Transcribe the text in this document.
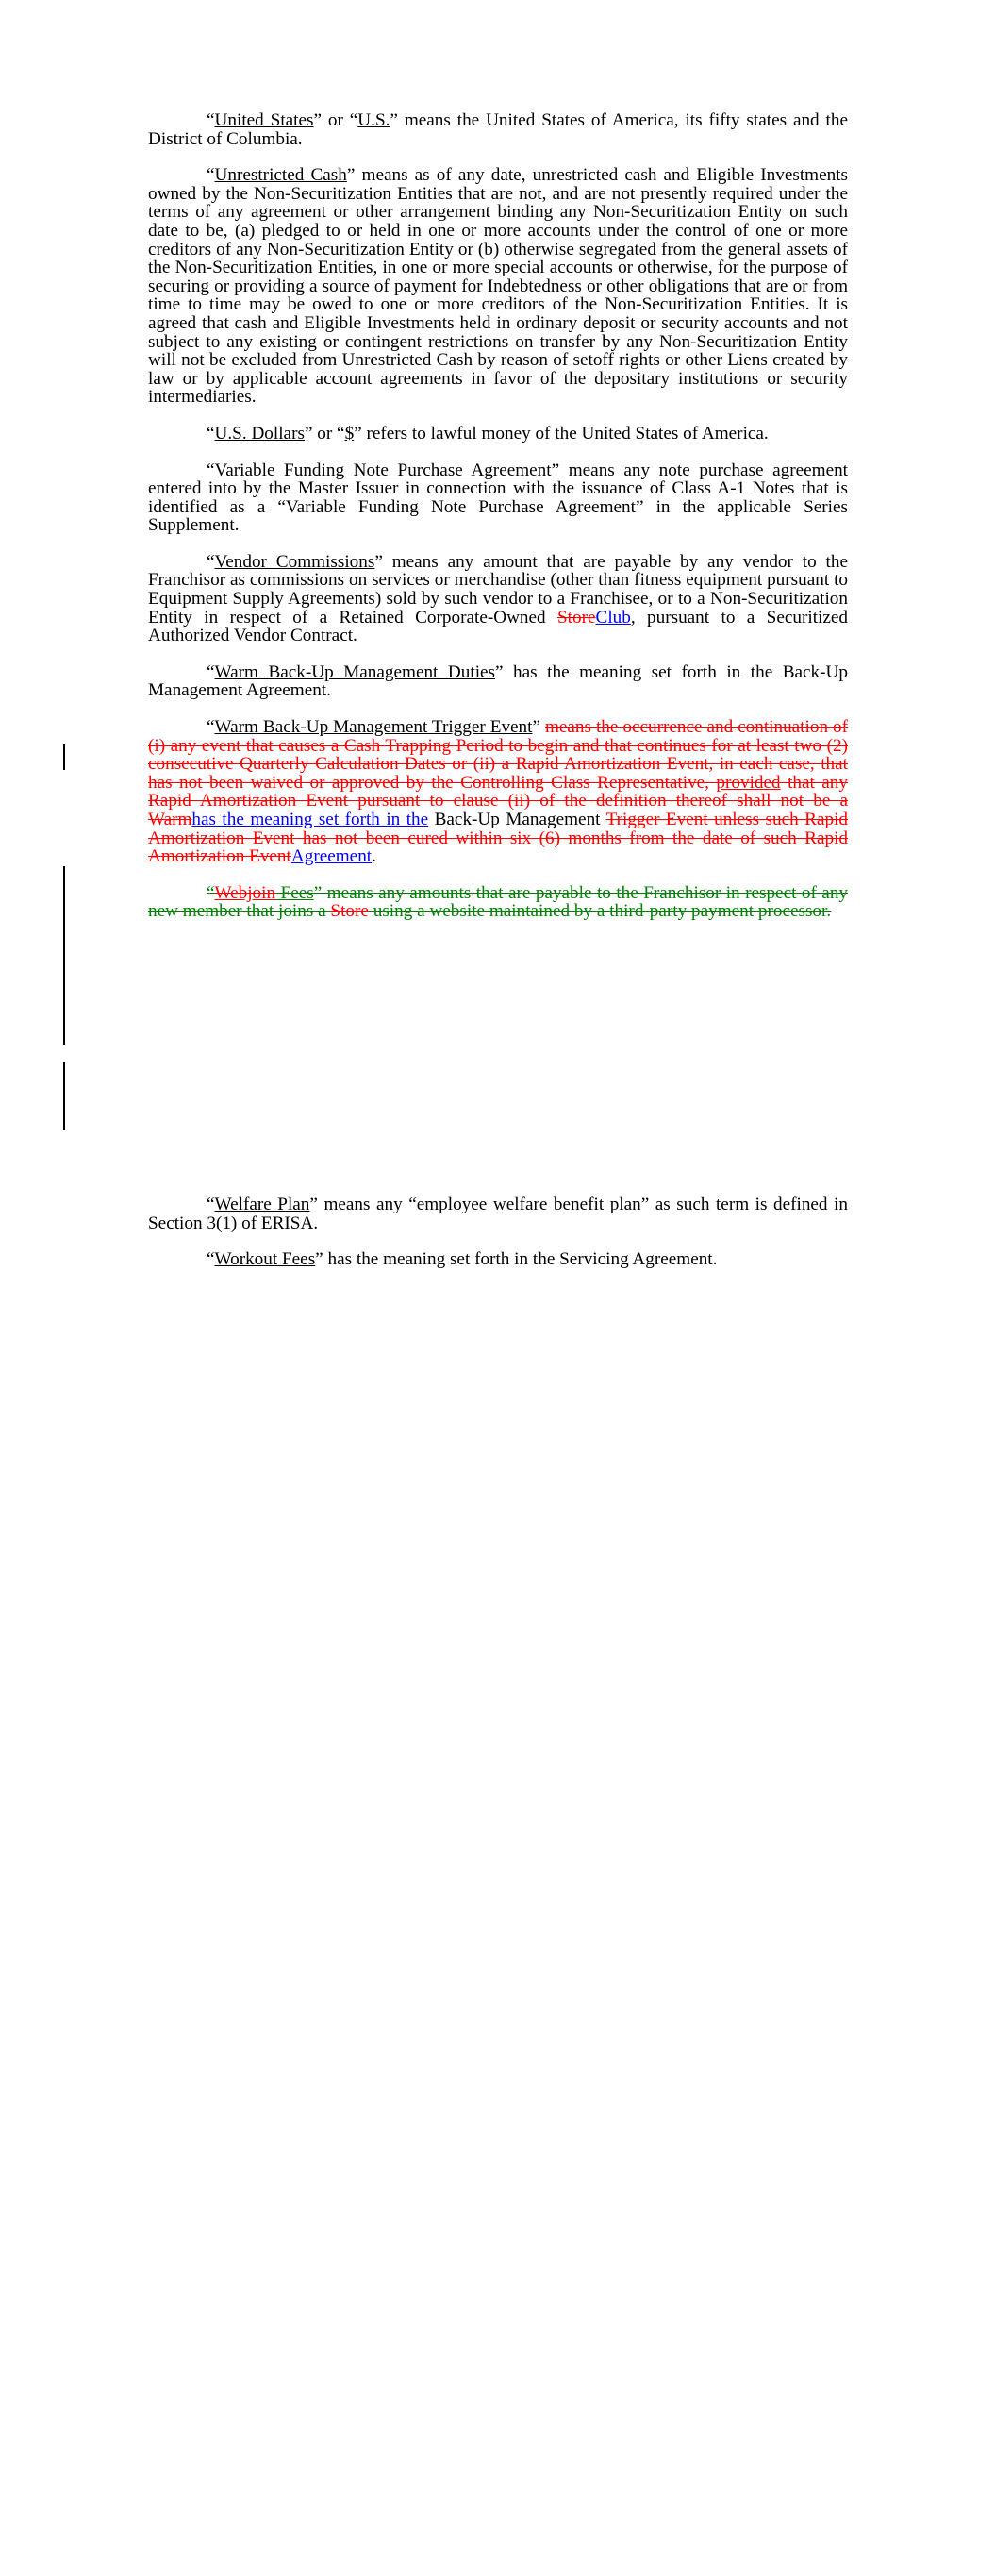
“United States” or “U.S.” means the United States of America, its fifty states and the District of Columbia.

“Unrestricted Cash” means as of any date, unrestricted cash and Eligible Investments owned by the Non-Securitization Entities that are not, and are not presently required under the terms of any agreement or other arrangement binding any Non-Securitization Entity on such date to be, (a) pledged to or held in one or more accounts under the control of one or more creditors of any Non-Securitization Entity or (b) otherwise segregated from the general assets of the Non-Securitization Entities, in one or more special accounts or otherwise, for the purpose of securing or providing a source of payment for Indebtedness or other obligations that are or from time to time may be owed to one or more creditors of the Non-Securitization Entities. It is agreed that cash and Eligible Investments held in ordinary deposit or security accounts and not subject to any existing or contingent restrictions on transfer by any Non-Securitization Entity will not be excluded from Unrestricted Cash by reason of setoff rights or other Liens created by law or by applicable account agreements in favor of the depositary institutions or security intermediaries.

“U.S. Dollars” or “$” refers to lawful money of the United States of America.

“Variable Funding Note Purchase Agreement” means any note purchase agreement entered into by the Master Issuer in connection with the issuance of Class A-1 Notes that is identified as a “Variable Funding Note Purchase Agreement” in the applicable Series Supplement.

“Vendor Commissions” means any amount that are payable by any vendor to the Franchisor as commissions on services or merchandise (other than fitness equipment pursuant to Equipment Supply Agreements) sold by such vendor to a Franchisee, or to a Non-Securitization Entity in respect of a Retained Corporate-Owned StoreClub, pursuant to a Securitized Authorized Vendor Contract.

“Warm Back-Up Management Duties” has the meaning set forth in the Back-Up Management Agreement.

“Warm Back-Up Management Trigger Event” means the occurrence and continuation of (i) any event that causes a Cash Trapping Period to begin and that continues for at least two (2) consecutive Quarterly Calculation Dates or (ii) a Rapid Amortization Event, in each case, that has not been waived or approved by the Controlling Class Representative, provided that any Rapid Amortization Event pursuant to clause (ii) of the definition thereof shall not be a Warmhas the meaning set forth in the Back-Up Management Trigger Event unless such Rapid Amortization Event has not been cured within six (6) months from the date of such Rapid Amortization EventAgreement.

“Webjoin Fees” means any amounts that are payable to the Franchisor in respect of any new member that joins a Store using a website maintained by a third-party payment processor.

“Welfare Plan” means any “employee welfare benefit plan” as such term is defined in Section 3(1) of ERISA.

“Workout Fees” has the meaning set forth in the Servicing Agreement.
